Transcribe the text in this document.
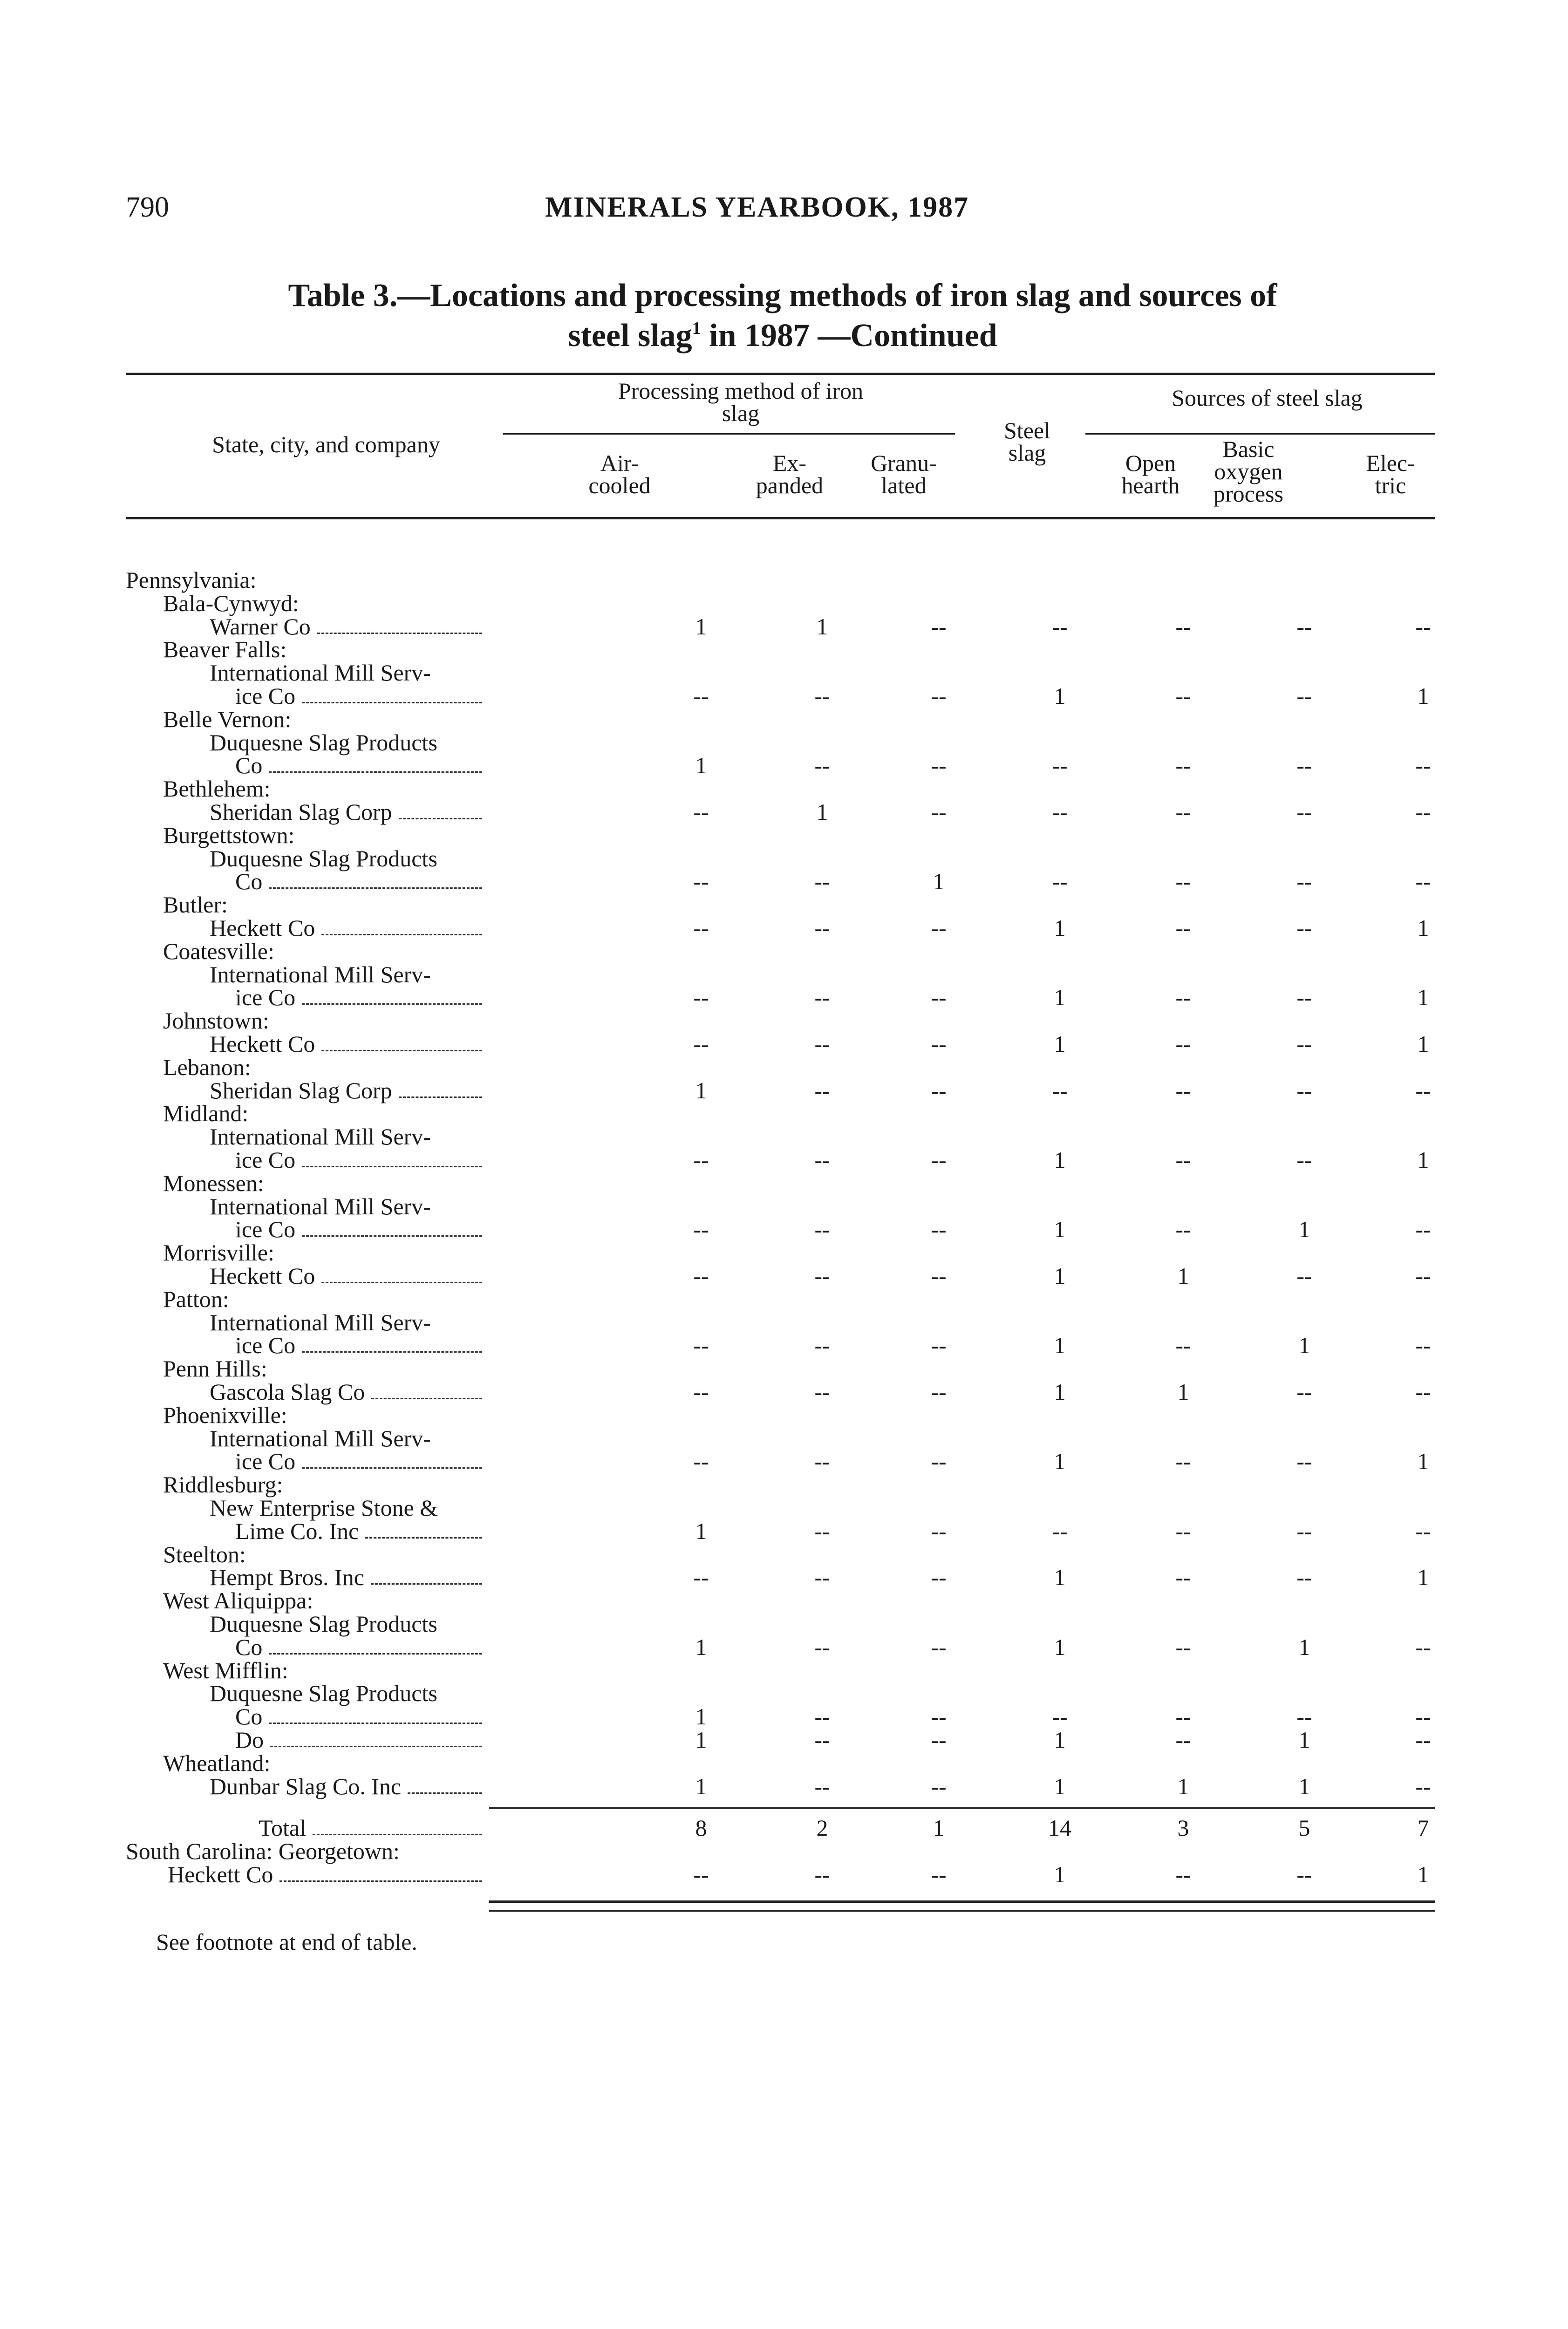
790	MINERALS YEARBOOK, 1987
Table 3.—Locations and processing methods of iron slag and sources of
steel slag$^1$ in 1987 —Continued
State, city, and company
Processing method of iron slag
Sources of steel slag
Air-cooled
Ex-panded
Granu-lated
Steel slag	Open hearth
Basic oxygen process
Elec-tric
Pennsylvania:
Bala-Cynwyd:
Warner Co	1	1	--	--	--	--	--
Beaver Falls:
International Mill Serv-
ice Co	--	--	--	1	--	--	1
Belle Vernon:
Duquesne Slag Products
Co	1	--	--	--	--	--	--
Bethlehem:
Sheridan Slag Corp	--	1	--	--	--	--	--
Burgettstown:
Duquesne Slag Products
Co	--	--	1	--	--	--	--
Butler:
Heckett Co	--	--	--	1	--	--	1
Coatesville:
International Mill Serv-
ice Co	--	--	--	1	--	--	1
Johnstown:
Heckett Co	--	--	--	1	--	--	1
Lebanon:
Sheridan Slag Corp	1	--	--	--	--	--	--
Midland:
International Mill Serv-
ice Co	--	--	--	1	--	--	1
Monessen:
International Mill Serv-
ice Co	--	--	--	1	--	1	--
Morrisville:
Heckett Co	--	--	--	1	1	--	--
Patton:
International Mill Serv-
ice Co	--	--	--	1	--	1	--
Penn Hills:
Gascola Slag Co	--	--	--	1	1	--	--
Phoenixville:
International Mill Serv-
ice Co	--	--	--	1	--	--	1
Riddlesburg:
New Enterprise Stone &
Lime Co. Inc	1	--	--	--	--	--	--
Steelton:
Hempt Bros. Inc	--	--	--	1	--	--	1
West Aliquippa:
Duquesne Slag Products
Co	1	--	--	1	--	1	--
West Mifflin:
Duquesne Slag Products
Co	1	--	--	--	--	--	--
Do	1	--	--	1	--	1	--
Wheatland:
Dunbar Slag Co. Inc	1	--	--	1	1	1	--
Total	8	2	1	14	3	5	7
South Carolina: Georgetown:
Heckett Co	--	--	--	1	--	--	1
See footnote at end of table.
